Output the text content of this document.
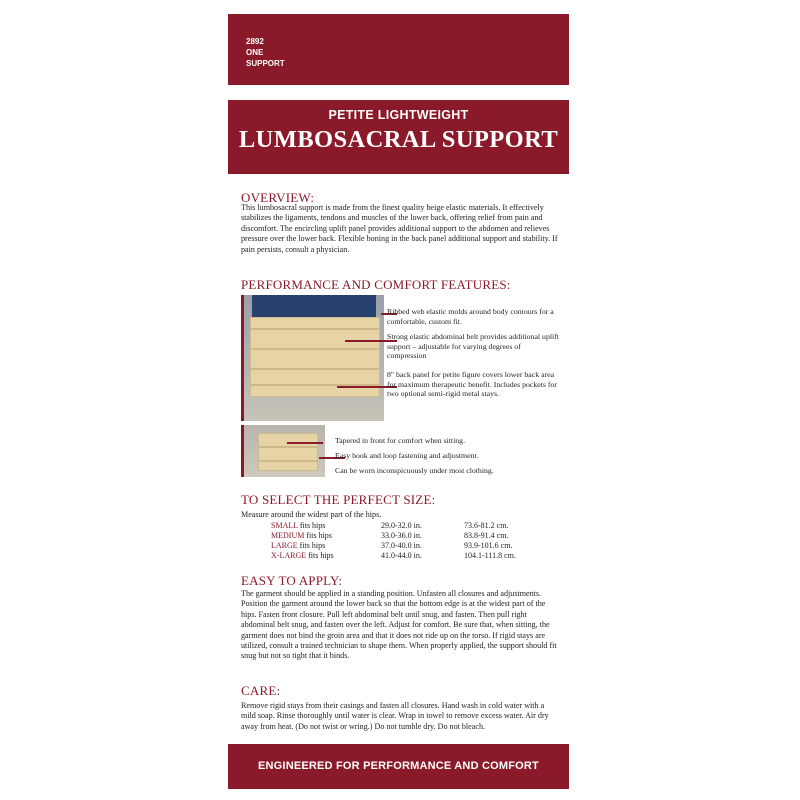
2892
ONE
SUPPORT
PETITE LIGHTWEIGHT
LUMBOSACRAL SUPPORT
OVERVIEW:

This lumbosacral support is made from the finest quality beige elastic materials. It effectively stabilizes the ligaments, tendons and muscles of the lower back, offering relief from pain and discomfort. The encircling uplift panel provides additional support to the abdomen and relieves pressure over the lower back. Flexible boning in the back panel additional support and stability. If pain persists, consult a physician.

PERFORMANCE AND COMFORT FEATURES:
Ribbed web elastic molds around body contours for a comfortable, custom fit.
Strong elastic abdominal belt provides additional uplift support – adjustable for varying degrees of compression
8" back panel for petite figure covers lower back area for maximum therapeutic benefit. Includes pockets for two optional semi-rigid metal stays.
Tapered in front for comfort when sitting.
Easy hook and loop fastening and adjustment.
Can be worn inconspicuously under most clothing.
TO SELECT THE PERFECT SIZE:

Measure around the widest part of the hips.

SMALL fits hips	29.0-32.0 in.	73.6-81.2 cm.
MEDIUM fits hips	33.0-36.0 in.	83.8-91.4 cm.
LARGE fits hips	37.0-40.0 in.	93.9-101.6 cm.
X-LARGE fits hips	41.0-44.0 in.	104.1-111.8 cm.
EASY TO APPLY:

The garment should be applied in a standing position. Unfasten all closures and adjustments. Position the garment around the lower back so that the bottom edge is at the widest part of the hips. Fasten front closure. Pull left abdominal belt until snug, and fasten. Then pull right abdominal belt snug, and fasten over the left. Adjust for comfort. Be sure that, when sitting, the garment does not bind the groin area and that it does not ride up on the torso. If rigid stays are utilized, consult a trained technician to shape them. When properly applied, the support should fit snug but not so tight that it binds.

CARE:

Remove rigid stays from their casings and fasten all closures. Hand wash in cold water with a mild soap. Rinse thoroughly until water is clear. Wrap in towel to remove excess water. Air dry away from heat. (Do not twist or wring.) Do not tumble dry. Do not bleach.

ENGINEERED FOR PERFORMANCE AND COMFORT
